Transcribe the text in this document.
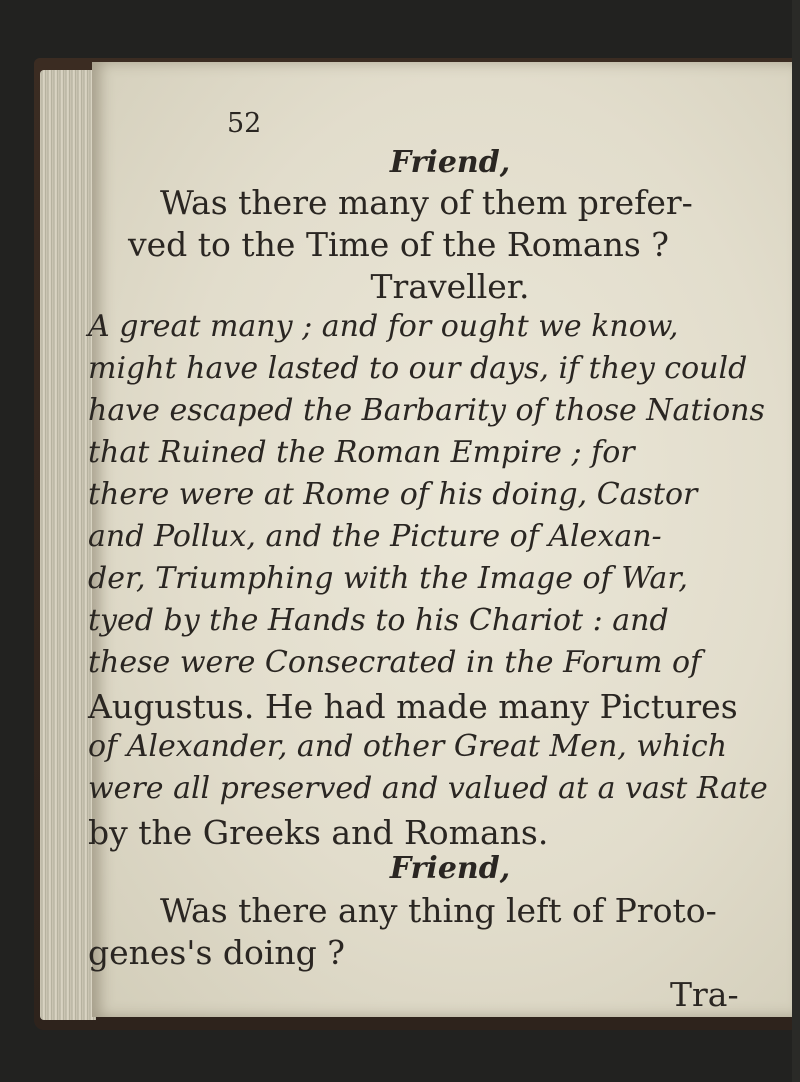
52
Friend,
Was there many of them prefer-
ved to the Time of the Romans ?
Traveller.
A great many ; and for ought we know,
might have lasted to our days, if they could
have escaped the Barbarity of those Nations
that Ruined the Roman Empire ; for
there were at Rome of his doing, Castor
and Pollux, and the Picture of Alexan-
der, Triumphing with the Image of War,
tyed by the Hands to his Chariot : and
these were Consecrated in the Forum of
Augustus. He had made many Pictures
of Alexander, and other Great Men, which
were all preserved and valued at a vast Rate
by the Greeks and Romans.
Friend,
Was there any thing left of Proto-
genes's doing ?
Tra-
